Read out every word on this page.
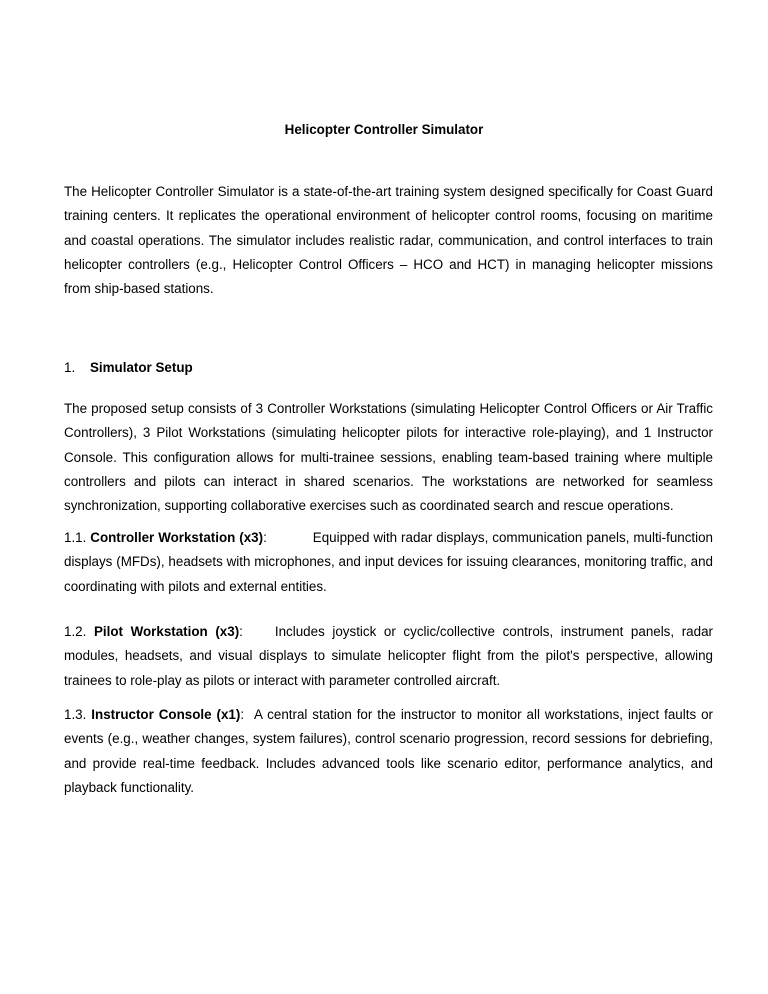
Helicopter Controller Simulator

The Helicopter Controller Simulator is a state-of-the-art training system designed specifically for Coast Guard training centers. It replicates the operational environment of helicopter control rooms, focusing on maritime and coastal operations. The simulator includes realistic radar, communication, and control interfaces to train helicopter controllers (e.g., Helicopter Control Officers – HCO and HCT) in managing helicopter missions from ship-based stations.

1. Simulator Setup

The proposed setup consists of 3 Controller Workstations (simulating Helicopter Control Officers or Air Traffic Controllers), 3 Pilot Workstations (simulating helicopter pilots for interactive role-playing), and 1 Instructor Console. This configuration allows for multi-trainee sessions, enabling team-based training where multiple controllers and pilots can interact in shared scenarios. The workstations are networked for seamless synchronization, supporting collaborative exercises such as coordinated search and rescue operations.

1.1. Controller Workstation (x3):	Equipped with radar displays, communication panels, multi-function displays (MFDs), headsets with microphones, and input devices for issuing clearances, monitoring traffic, and coordinating with pilots and external entities.

1.2. Pilot Workstation (x3): Includes joystick or cyclic/collective controls, instrument panels, radar modules, headsets, and visual displays to simulate helicopter flight from the pilot's perspective, allowing trainees to role-play as pilots or interact with parameter controlled aircraft.

1.3. Instructor Console (x1): A central station for the instructor to monitor all workstations, inject faults or events (e.g., weather changes, system failures), control scenario progression, record sessions for debriefing, and provide real-time feedback. Includes advanced tools like scenario editor, performance analytics, and playback functionality.
